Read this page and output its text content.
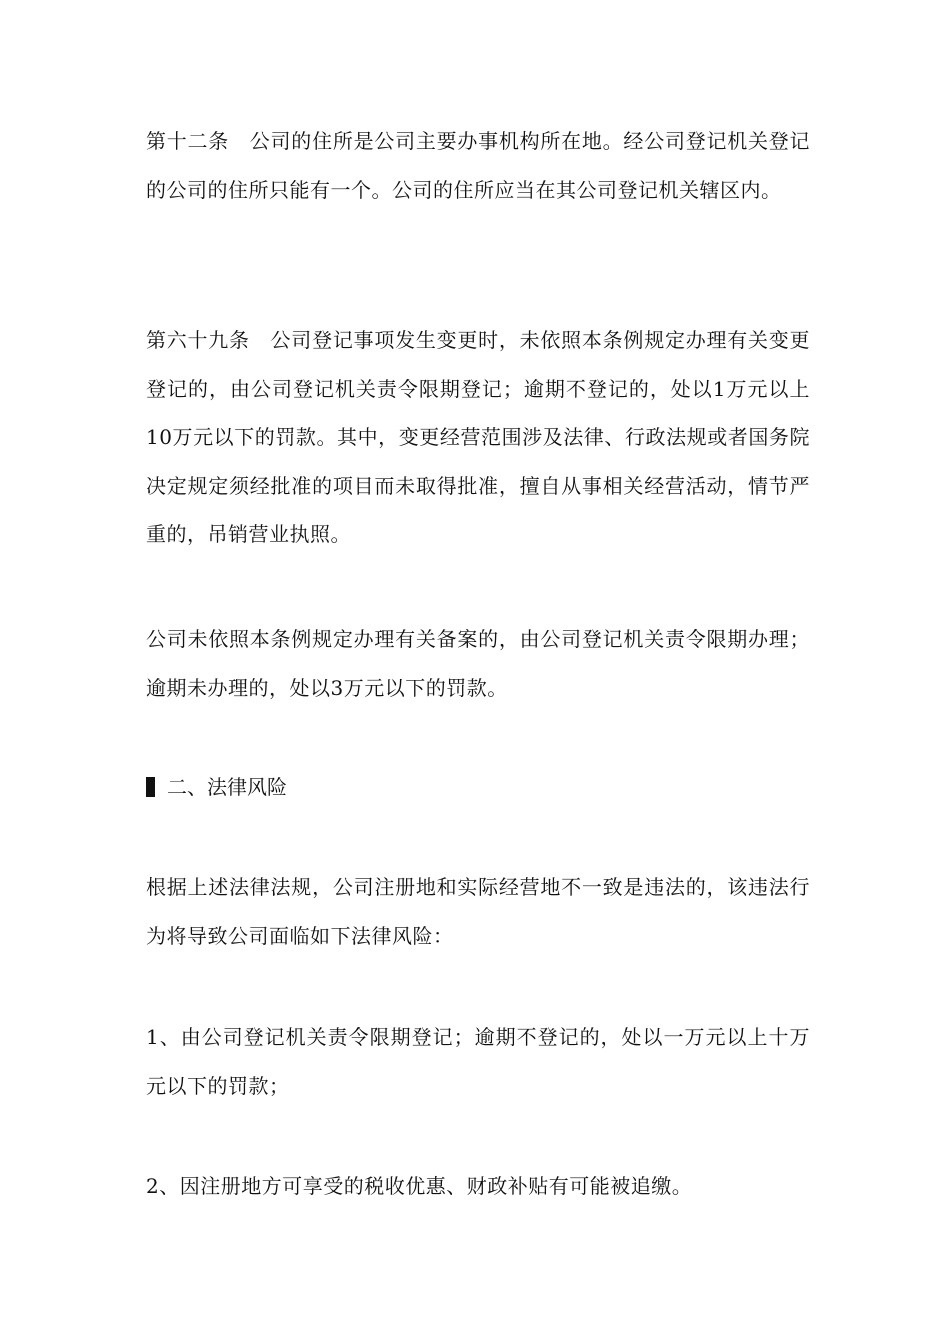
第十二条　公司的住所是公司主要办事机构所在地。经公司登记机关登记的公司的住所只能有一个。公司的住所应当在其公司登记机关辖区内。

第六十九条　公司登记事项发生变更时，未依照本条例规定办理有关变更登记的，由公司登记机关责令限期登记；逾期不登记的，处以1万元以上10万元以下的罚款。其中，变更经营范围涉及法律、行政法规或者国务院决定规定须经批准的项目而未取得批准，擅自从事相关经营活动，情节严重的，吊销营业执照。

公司未依照本条例规定办理有关备案的，由公司登记机关责令限期办理；逾期未办理的，处以3万元以下的罚款。

二、法律风险

根据上述法律法规，公司注册地和实际经营地不一致是违法的，该违法行为将导致公司面临如下法律风险：

1、由公司登记机关责令限期登记；逾期不登记的，处以一万元以上十万元以下的罚款；

2、因注册地方可享受的税收优惠、财政补贴有可能被追缴。
